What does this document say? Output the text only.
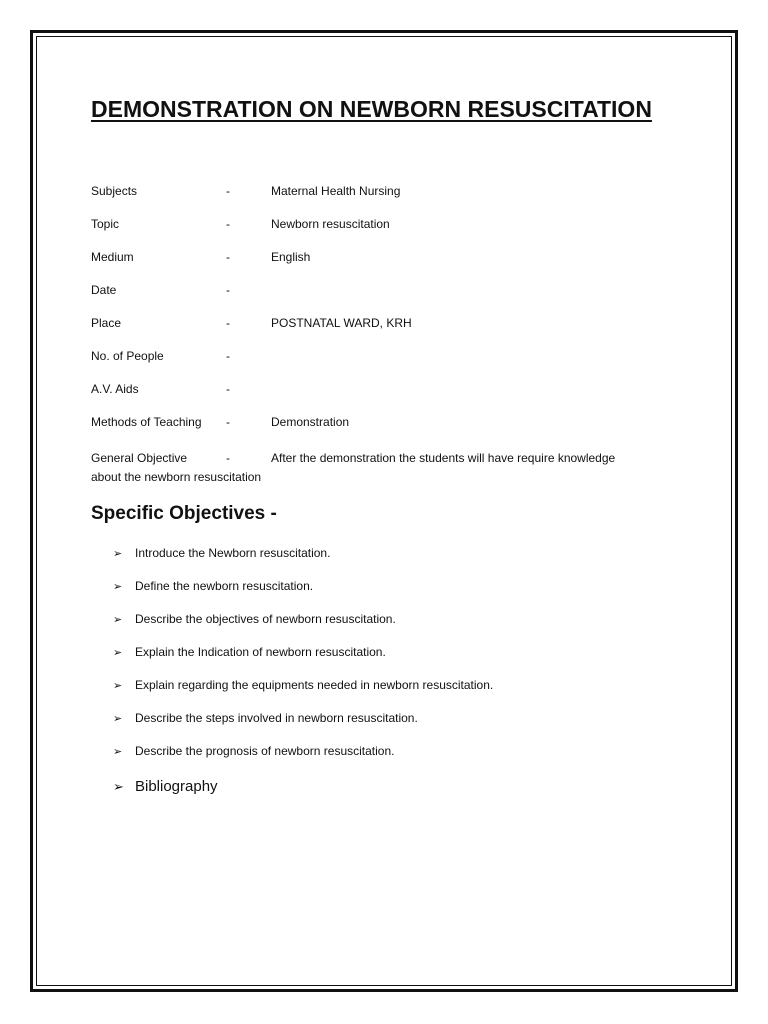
DEMONSTRATION ON NEWBORN RESUSCITATION
Subjects	-	Maternal Health Nursing
Topic	-	Newborn resuscitation
Medium	-	English
Date	-
Place	-	POSTNATAL WARD, KRH
No. of People	-
A.V. Aids	-
Methods of Teaching -	Demonstration
General Objective	-	After the demonstration the students will have require knowledge
about the newborn resuscitation
Specific Objectives -
➢ Introduce the Newborn resuscitation.
➢ Define the newborn resuscitation.
➢ Describe the objectives of newborn resuscitation.
➢ Explain the Indication of newborn resuscitation.
➢ Explain regarding the equipments needed in newborn resuscitation.
➢ Describe the steps involved in newborn resuscitation.
➢ Describe the prognosis of newborn resuscitation.
➢ Bibliography
